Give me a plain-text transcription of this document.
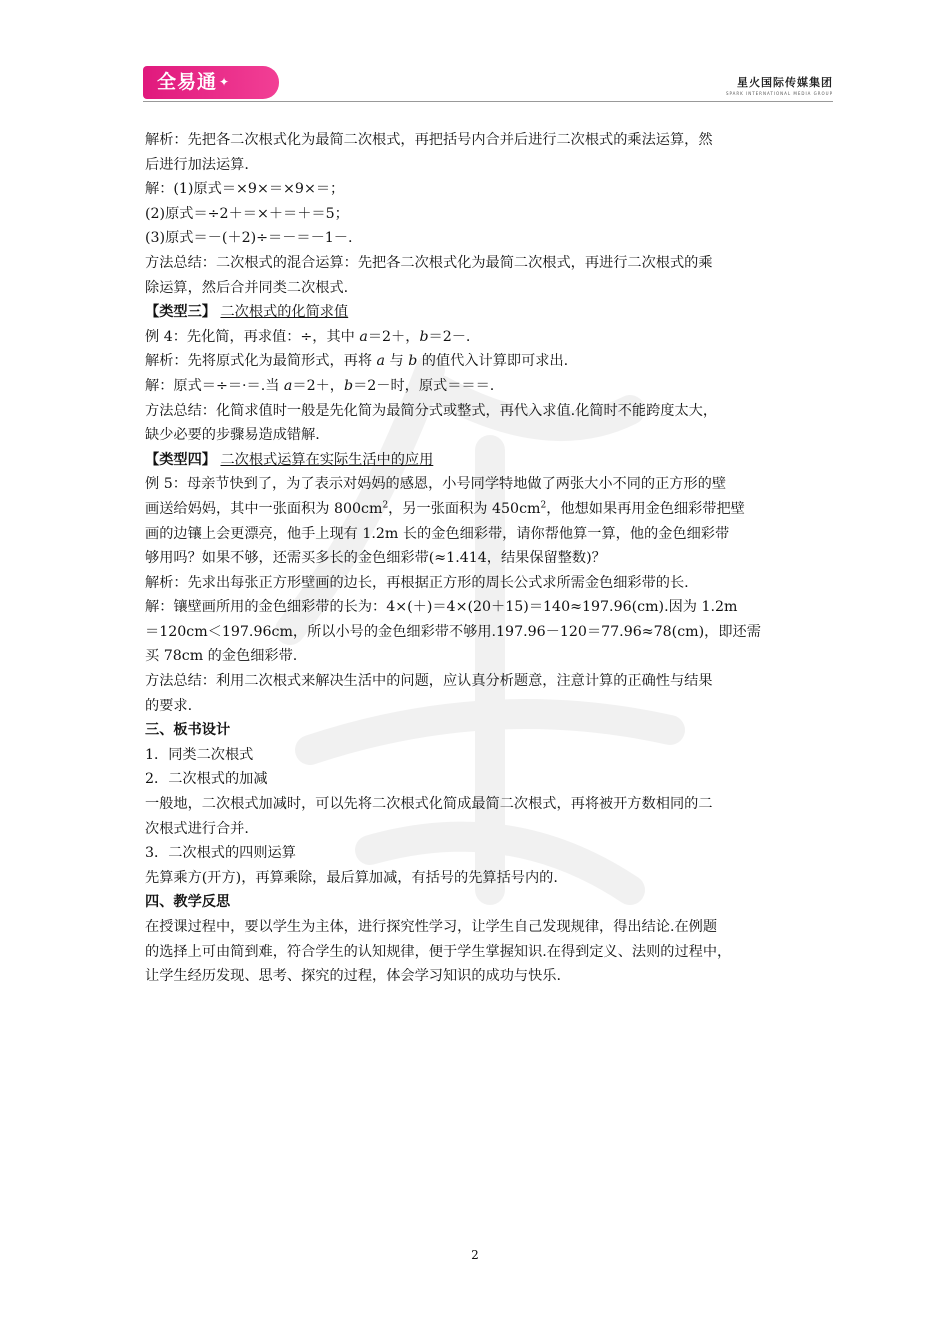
全易通 ✦	星火国际传媒集团
SPARK INTERNATIONAL MEDIA GROUP

解析：先把各二次根式化为最简二次根式，再把括号内合并后进行二次根式的乘法运算，然

后进行加法运算.

解：(1)原式＝×9×＝×9×＝；

(2)原式＝÷2＋＝×＋＝＋＝5；

(3)原式＝－(＋2)÷＝－＝－1－.

方法总结：二次根式的混合运算：先把各二次根式化为最简二次根式，再进行二次根式的乘

除运算，然后合并同类二次根式.

【类型三】 二次根式的化简求值

例 4：先化简，再求值：÷，其中 a＝2＋，b＝2－.

解析：先将原式化为最简形式，再将 a 与 b 的值代入计算即可求出.

解：原式＝÷＝·＝.当 a＝2＋，b＝2－时，原式＝＝＝.

方法总结：化简求值时一般是先化简为最简分式或整式，再代入求值.化简时不能跨度太大，

缺少必要的步骤易造成错解.

【类型四】 二次根式运算在实际生活中的应用

例 5：母亲节快到了，为了表示对妈妈的感恩，小号同学特地做了两张大小不同的正方形的壁

画送给妈妈，其中一张面积为 $800cm^2$，另一张面积为 $450cm^2$，他想如果再用金色细彩带把壁

画的边镶上会更漂亮，他手上现有 1.2m 长的金色细彩带，请你帮他算一算，他的金色细彩带

够用吗？如果不够，还需买多长的金色细彩带(≈1.414，结果保留整数)？

解析：先求出每张正方形壁画的边长，再根据正方形的周长公式求所需金色细彩带的长.

解：镶壁画所用的金色细彩带的长为：4×(＋)＝4×(20＋15)＝140≈197.96(cm).因为 1.2m

＝120cm＜197.96cm，所以小号的金色细彩带不够用.197.96－120＝77.96≈78(cm)，即还需

买 78cm 的金色细彩带.

方法总结：利用二次根式来解决生活中的问题，应认真分析题意，注意计算的正确性与结果

的要求.

三、板书设计

1．同类二次根式

2．二次根式的加减

一般地，二次根式加减时，可以先将二次根式化简成最简二次根式，再将被开方数相同的二

次根式进行合并.

3．二次根式的四则运算

先算乘方(开方)，再算乘除，最后算加减，有括号的先算括号内的.

四、教学反思

在授课过程中，要以学生为主体，进行探究性学习，让学生自己发现规律，得出结论.在例题

的选择上可由简到难，符合学生的认知规律，便于学生掌握知识.在得到定义、法则的过程中，

让学生经历发现、思考、探究的过程，体会学习知识的成功与快乐.

2
